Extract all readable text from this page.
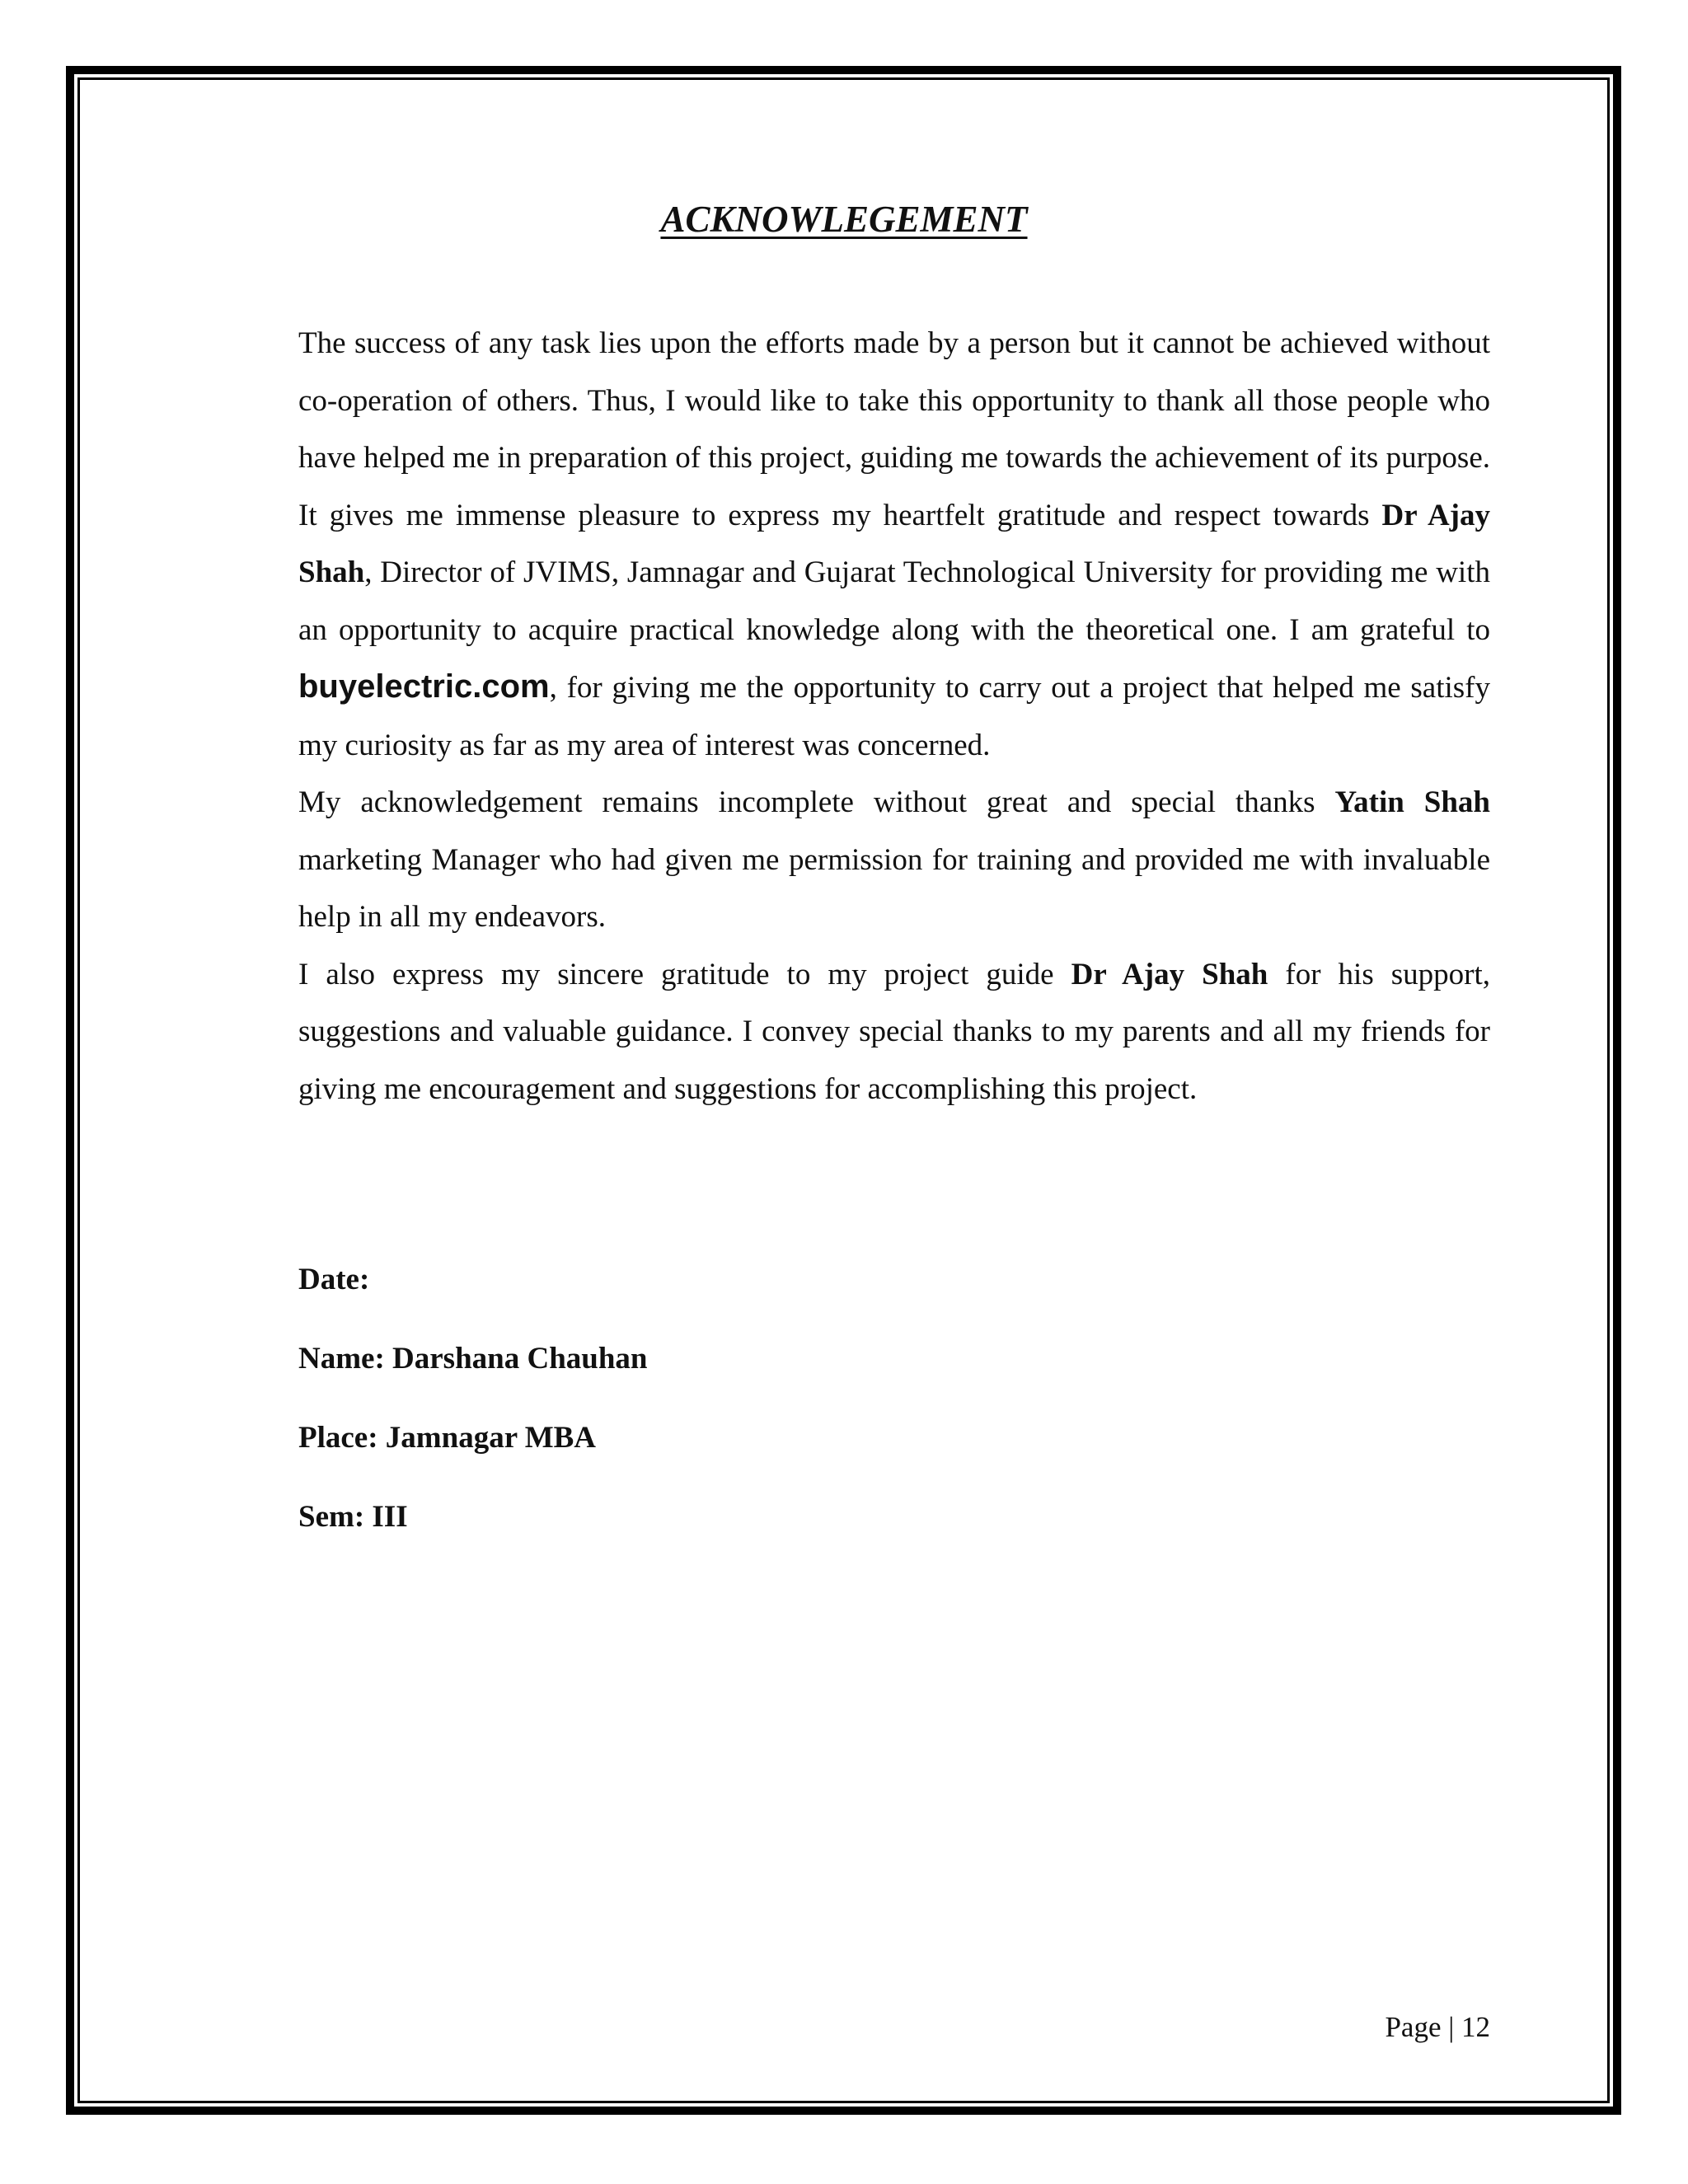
ACKNOWLEGEMENT

The success of any task lies upon the efforts made by a person but it cannot be achieved without co-operation of others. Thus, I would like to take this opportunity to thank all those people who have helped me in preparation of this project, guiding me towards the achievement of its purpose. It gives me immense pleasure to express my heartfelt gratitude and respect towards Dr Ajay Shah, Director of JVIMS, Jamnagar and Gujarat Technological University for providing me with an opportunity to acquire practical knowledge along with the theoretical one. I am grateful to buyelectric.com, for giving me the opportunity to carry out a project that helped me satisfy my curiosity as far as my area of interest was concerned.

My acknowledgement remains incomplete without great and special thanks Yatin Shah marketing Manager who had given me permission for training and provided me with invaluable help in all my endeavors.

I also express my sincere gratitude to my project guide Dr Ajay Shah for his support, suggestions and valuable guidance. I convey special thanks to my parents and all my friends for giving me encouragement and suggestions for accomplishing this project.

Date:
Name: Darshana Chauhan
Place: Jamnagar MBA
Sem: III
Page | 12
